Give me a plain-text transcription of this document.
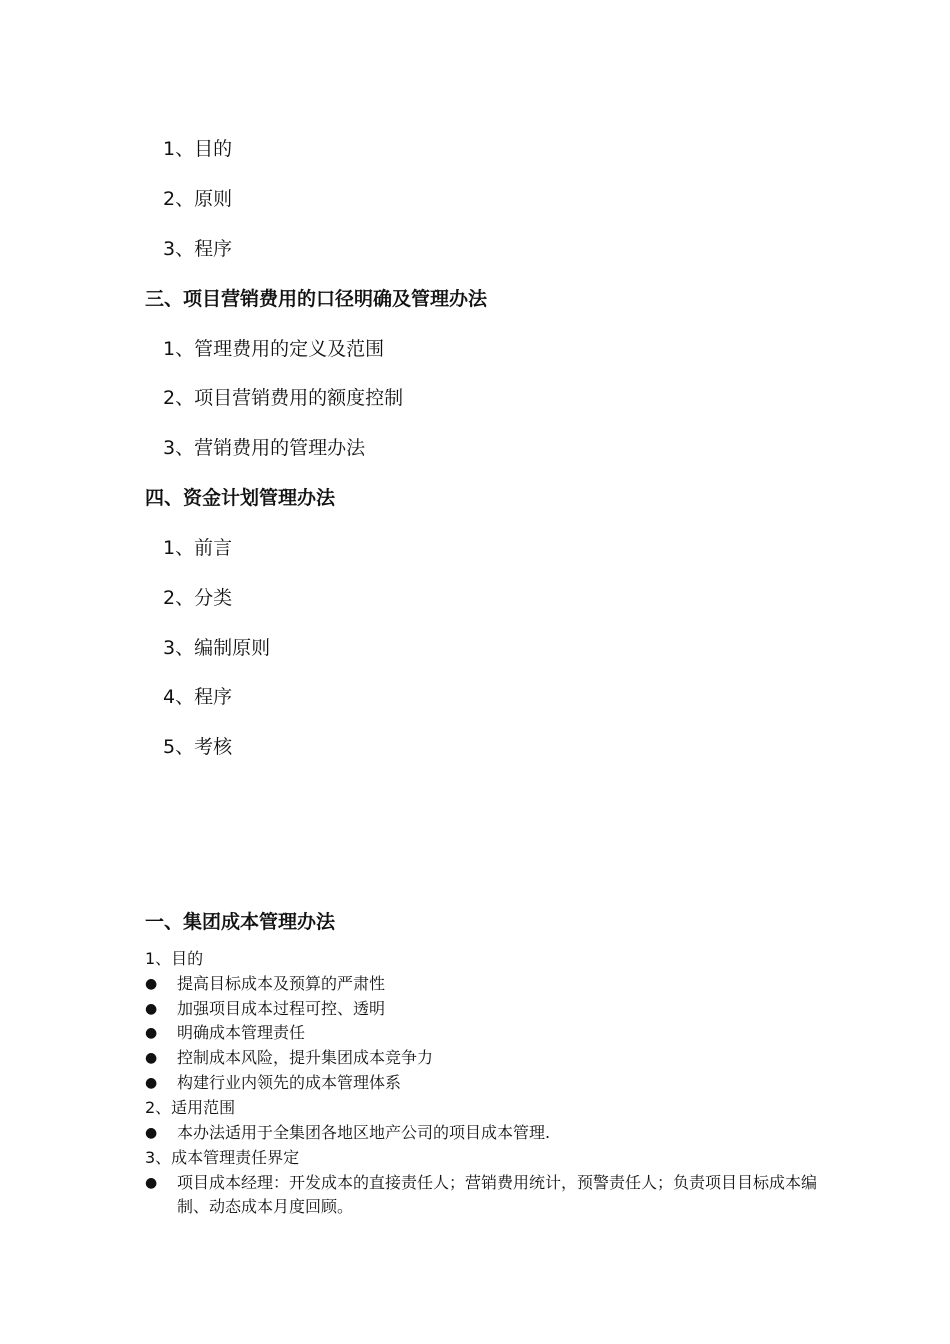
1、目的
2、原则
3、程序
三、项目营销费用的口径明确及管理办法
1、管理费用的定义及范围
2、项目营销费用的额度控制
3、营销费用的管理办法
四、资金计划管理办法
1、前言
2、分类
3、编制原则
4、程序
5、考核
一、集团成本管理办法
1、目的
●	提高目标成本及预算的严肃性
●	加强项目成本过程可控、透明
●	明确成本管理责任
●	控制成本风险，提升集团成本竞争力
●	构建行业内领先的成本管理体系
2、适用范围
●	本办法适用于全集团各地区地产公司的项目成本管理.
3、成本管理责任界定
●	项目成本经理：开发成本的直接责任人；营销费用统计，预警责任人；负责项目目标成本编制、动态成本月度回顾。
